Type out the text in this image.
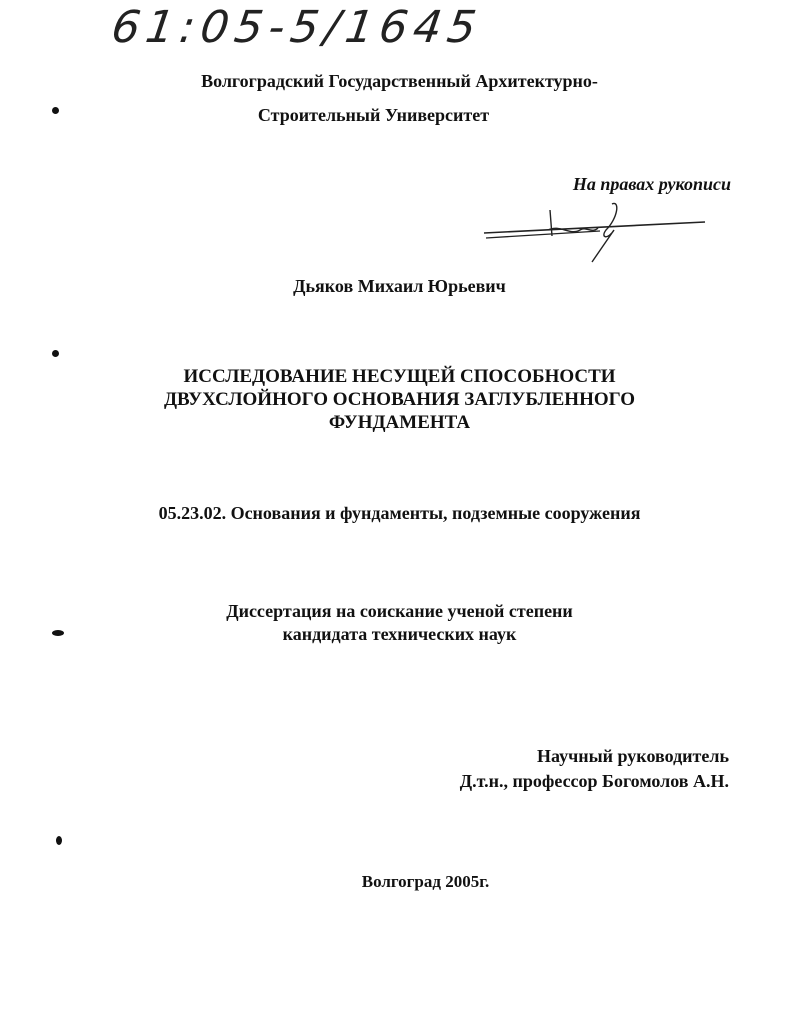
61:05-5/1645
Волгоградский Государственный Архитектурно-
Строительный Университет
На правах рукописи
Дьяков Михаил Юрьевич
ИССЛЕДОВАНИЕ НЕСУЩЕЙ СПОСОБНОСТИ
ДВУХСЛОЙНОГО ОСНОВАНИЯ ЗАГЛУБЛЕННОГО
ФУНДАМЕНТА
05.23.02. Основания и фундаменты, подземные сооружения
Диссертация на соискание ученой степени
кандидата технических наук
Научный руководитель
Д.т.н., профессор Богомолов А.Н.
Волгоград 2005г.
